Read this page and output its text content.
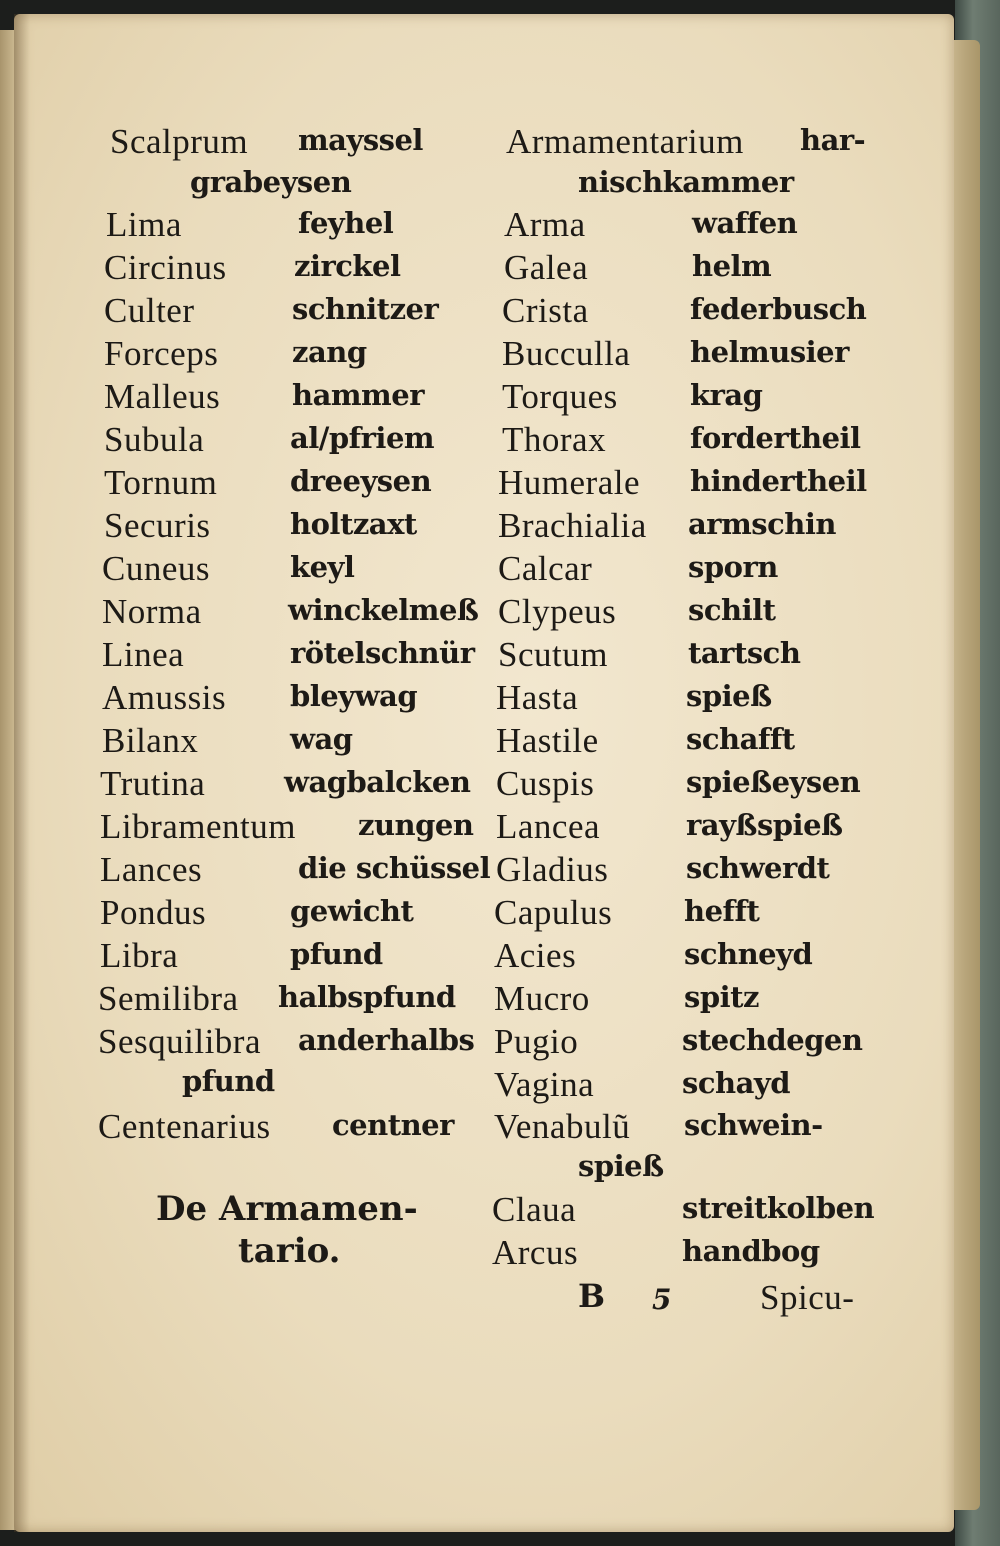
Scalprum mayssel
grabeysen
Lima	feyhel
Circinus zirckel
Culter	schnitzer
Forceps	zang
Malleus hammer
Subula	al/pfriem
Tornum	dreeysen
Securis	holtzaxt
Cuneus	keyl
Norma	winckelmeß
Linea	rötelschnür
Amussis bleywag
Bilanx	wag
Trutina	wagbalcken
Libramentum zungen
Lances	die schüssel
Pondus	gewicht
Libra	pfund
Semilibra halbspfund
Sesquilibra anderhalbs
pfund
Centenarius centner
De Armamen-
tario.
Armamentarium har-
nischkammer
Arma	waffen
Galea	helm
Crista	federbusch
Bucculla helmusier
Torques krag
Thorax	fordertheil
Humerale hindertheil
Brachialia armschin
Calcar	sporn
Clypeus schilt
Scutum	tartsch
Hasta	spieß
Hastile	schafft
Cuspis	spießeysen
Lancea	rayßspieß
Gladius	schwerdt
Capulus hefft
Acies	schneyd
Mucro	spitz
Pugio	stechdegen
Vagina	schayd
Venabulũ schwein-
spieß
Claua	streitkolben
Arcus	handbog
B 5	Spicu-
